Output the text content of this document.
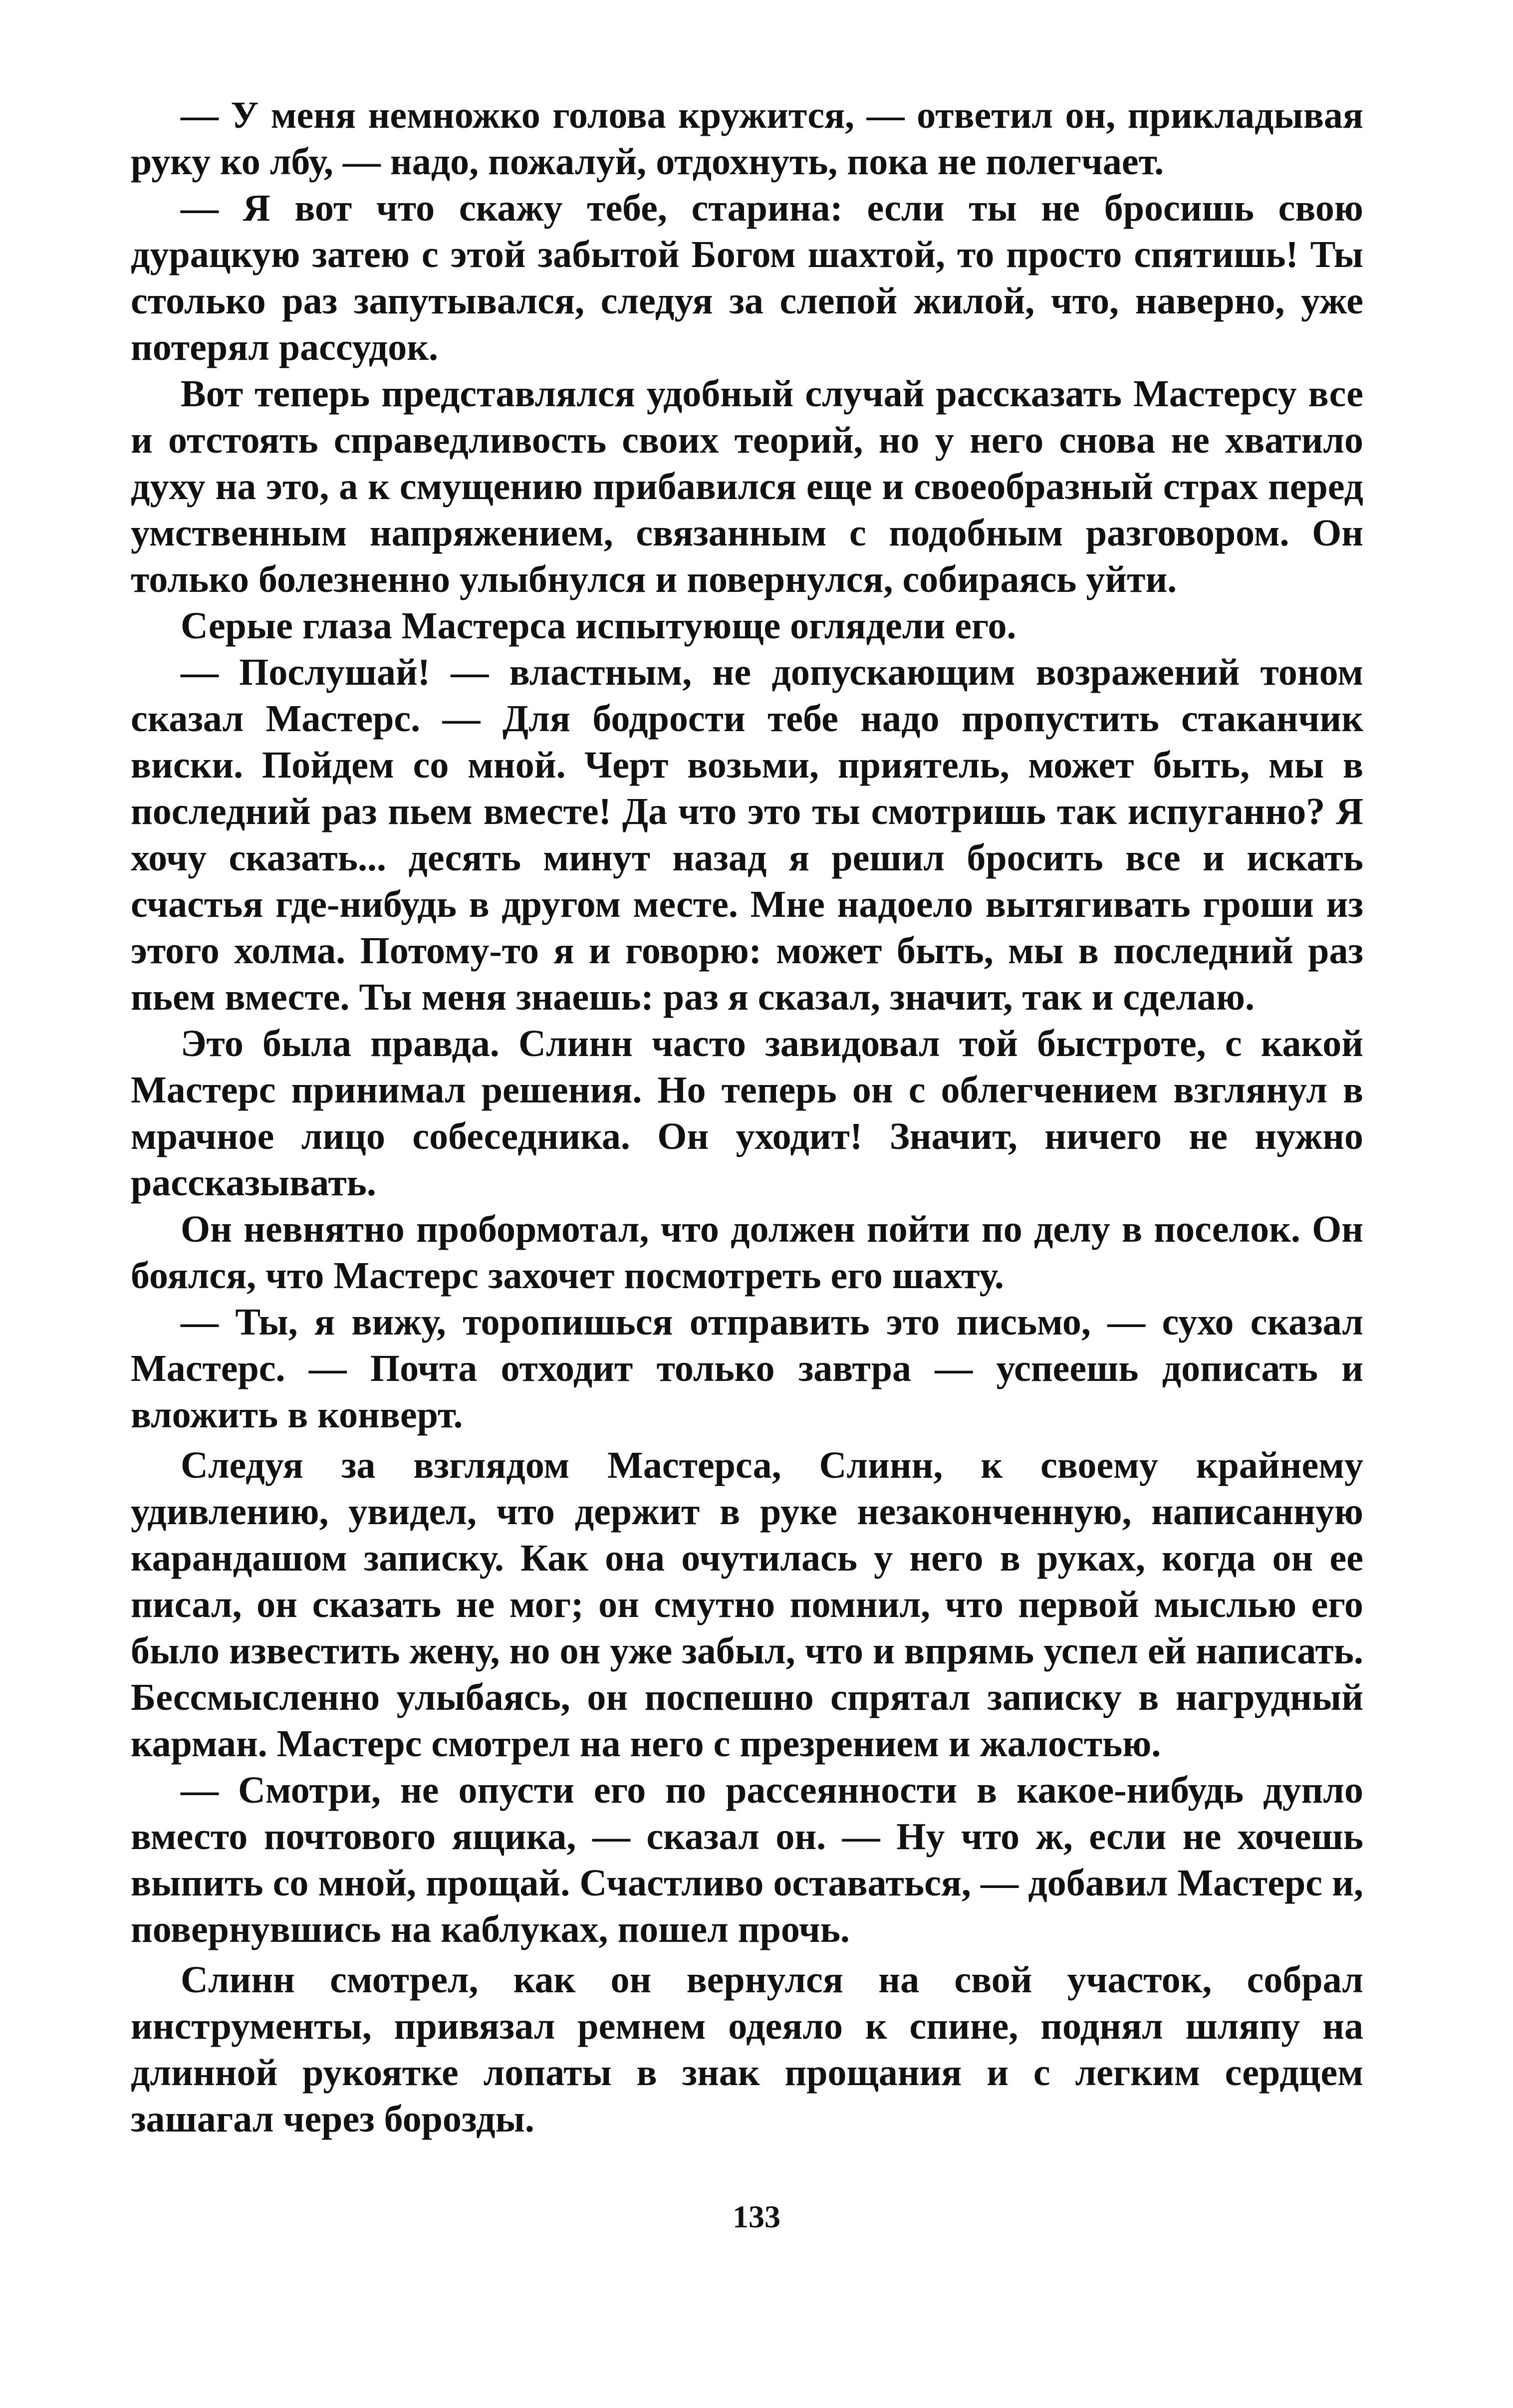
— У меня немножко голова кружится, — ответил он, прикладывая руку ко лбу, — надо, пожалуй, отдохнуть, пока не полегчает.

— Я вот что скажу тебе, старина: если ты не бросишь свою дурацкую затею с этой забытой Богом шахтой, то просто спятишь! Ты столько раз запутывался, следуя за слепой жилой, что, наверно, уже потерял рассудок.

Вот теперь представлялся удобный случай рассказать Мастерсу все и отстоять справедливость своих теорий, но у него снова не хватило духу на это, а к смущению прибавился еще и своеобразный страх перед умственным напряжением, связанным с подобным разговором. Он только болезненно улыбнулся и повернулся, собираясь уйти.

Серые глаза Мастерса испытующе оглядели его.

— Послушай! — властным, не допускающим возражений тоном сказал Мастерс. — Для бодрости тебе надо пропустить стаканчик виски. Пойдем со мной. Черт возьми, приятель, может быть, мы в последний раз пьем вместе! Да что это ты смотришь так испуганно? Я хочу сказать... десять минут назад я решил бросить все и искать счастья где-нибудь в другом месте. Мне надоело вытягивать гроши из этого холма. Потому-то я и говорю: может быть, мы в последний раз пьем вместе. Ты меня знаешь: раз я сказал, значит, так и сделаю.

Это была правда. Слинн часто завидовал той быстроте, с какой Мастерс принимал решения. Но теперь он с облегчением взглянул в мрачное лицо собеседника. Он уходит! Значит, ничего не нужно рассказывать.

Он невнятно пробормотал, что должен пойти по делу в поселок. Он боялся, что Мастерс захочет посмотреть его шахту.

— Ты, я вижу, торопишься отправить это письмо, — сухо сказал Мастерс. — Почта отходит только завтра — успеешь дописать и вложить в конверт.

Следуя за взглядом Мастерса, Слинн, к своему крайнему удивлению, увидел, что держит в руке незаконченную, написанную карандашом записку. Как она очутилась у него в руках, когда он ее писал, он сказать не мог; он смутно помнил, что первой мыслью его было известить жену, но он уже забыл, что и впрямь успел ей написать. Бессмысленно улыбаясь, он поспешно спрятал записку в нагрудный карман. Мастерс смотрел на него с презрением и жалостью.

— Смотри, не опусти его по рассеянности в какое-нибудь дупло вместо почтового ящика, — сказал он. — Ну что ж, если не хочешь выпить со мной, прощай. Счастливо оставаться, — добавил Мастерс и, повернувшись на каблуках, пошел прочь.

Слинн смотрел, как он вернулся на свой участок, собрал инструменты, привязал ремнем одеяло к спине, поднял шляпу на длинной рукоятке лопаты в знак прощания и с легким сердцем зашагал через борозды.

133
